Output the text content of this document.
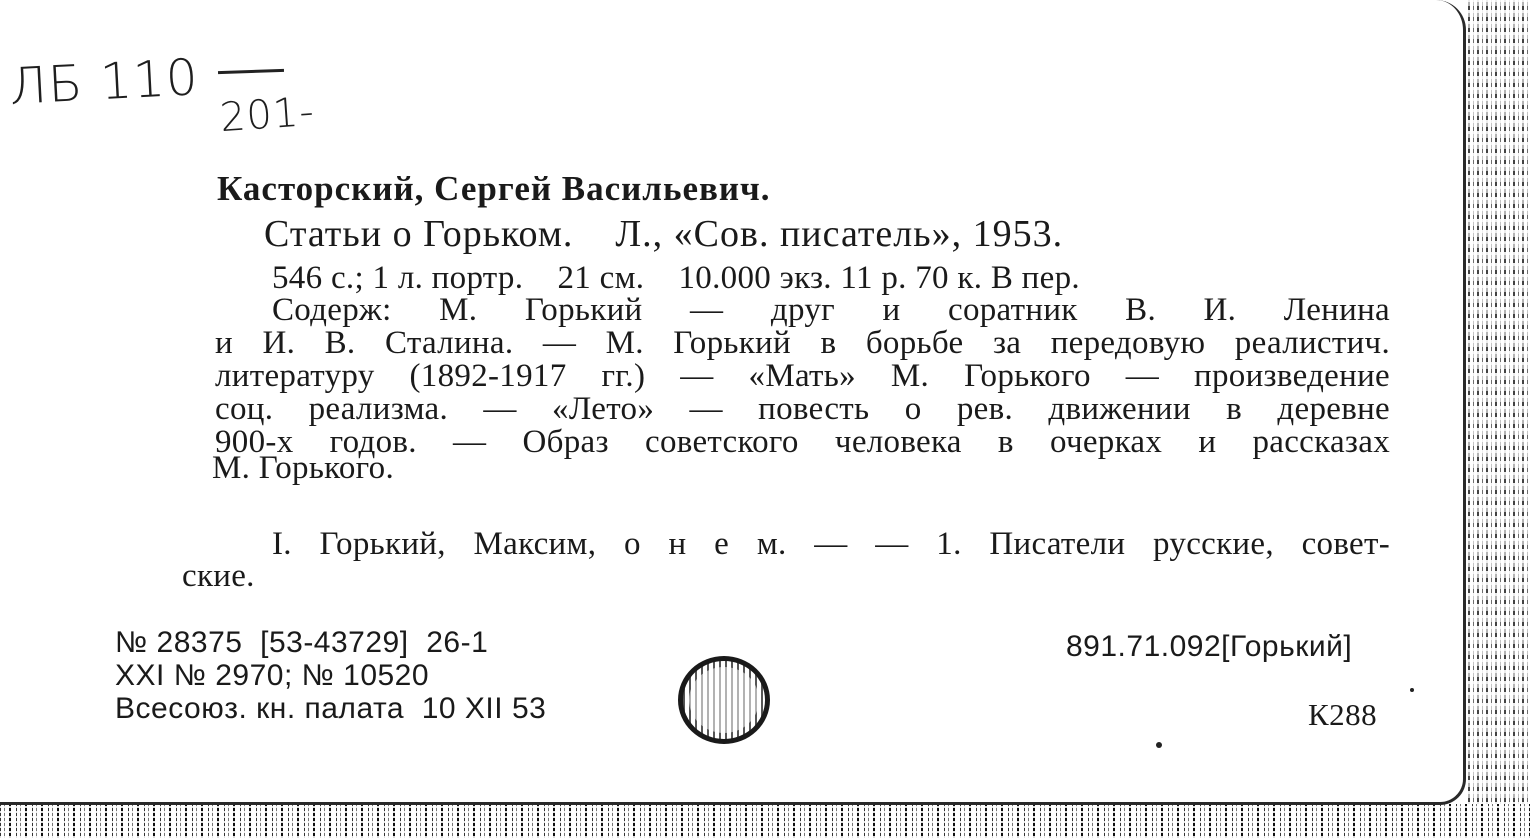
ЛБ 110 201-
Касторский, Сергей Васильевич.
Статьи о Горьком.    Л., «Сов. писатель», 1953.
546 с.; 1 л. портр.    21 см.    10.000 экз. 11 р. 70 к. В пер.
Содерж: М. Горький — друг и соратник В. И. Ленина
и И. В. Сталина. — М. Горький в борьбе за передовую реалистич.
литературу (1892-1917 гг.) — «Мать» М. Горького — произведение
соц. реализма. — «Лето» — повесть о рев. движении в деревне
900-х годов. — Образ советского человека в очерках и рассказах
М. Горького.
I. Горький, Максим, о н е м. — — 1. Писатели русские, совет-
ские.
№ 28375  [53-43729]  26-1
XXI № 2970; № 10520
Всесоюз. кн. палата  10 XII 53
891.71.092[Горький]
К288
